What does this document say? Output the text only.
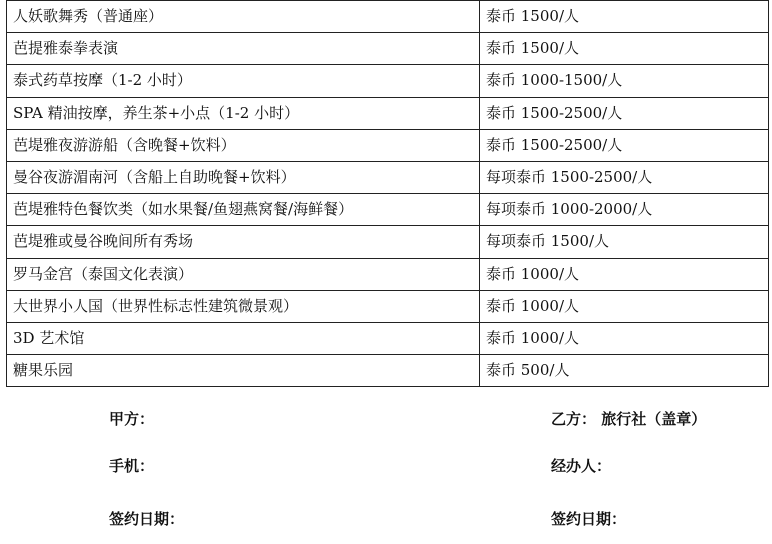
人妖歌舞秀（普通座）	泰币 1500/人
芭提雅泰拳表演	泰币 1500/人
泰式药草按摩（1-2 小时）	泰币 1000-1500/人
SPA 精油按摩，养生茶+小点（1-2 小时）	泰币 1500-2500/人
芭堤雅夜游游船（含晚餐+饮料）	泰币 1500-2500/人
曼谷夜游湄南河（含船上自助晚餐+饮料）	每项泰币 1500-2500/人
芭堤雅特色餐饮类（如水果餐/鱼翅燕窝餐/海鲜餐）	每项泰币 1000-2000/人
芭堤雅或曼谷晚间所有秀场	每项泰币 1500/人
罗马金宫（泰国文化表演）	泰币 1000/人
大世界小人国（世界性标志性建筑微景观）	泰币 1000/人
3D 艺术馆	泰币 1000/人
糖果乐园	泰币 500/人
甲方：	乙方： 旅行社（盖章）
手机：	经办人：
签约日期：	签约日期：
